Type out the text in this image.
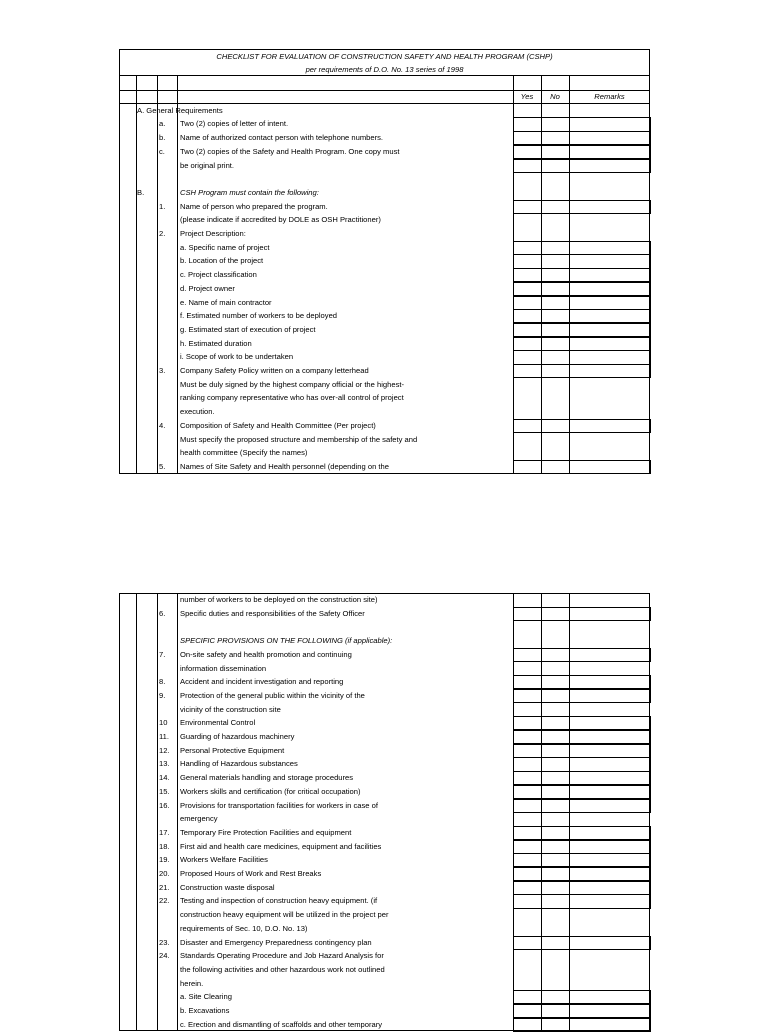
CHECKLIST FOR EVALUATION OF CONSTRUCTION SAFETY AND HEALTH PROGRAM (CSHP)
per requirements of D.O. No. 13 series of 1998
Yes	No	Remarks
A. General Requirements
a. Two (2) copies of letter of intent.
b. Name of authorized contact person with telephone numbers.
c. Two (2) copies of the Safety and Health Program. One copy must
be original print.
B.	CSH Program must contain the following:
1. Name of person who prepared the program.
(please indicate if accredited by DOLE as OSH Practitioner)
2. Project Description:
a. Specific name of project
b. Location of the project
c. Project classification
d. Project owner
e. Name of main contractor
f. Estimated number of workers to be deployed
g. Estimated start of execution of project
h. Estimated duration
i. Scope of work to be undertaken
3. Company Safety Policy written on a company letterhead
Must be duly signed by the highest company official or the highest-
ranking company representative who has over-all control of project
execution.
4. Composition of Safety and Health Committee (Per project)
Must specify the proposed structure and membership of the safety and
health committee (Specify the names)
5. Names of Site Safety and Health personnel (depending on the
number of workers to be deployed on the construction site)
6. Specific duties and responsibilities of the Safety Officer
SPECIFIC PROVISIONS ON THE FOLLOWING (if applicable):
7. On-site safety and health promotion and continuing
information dissemination
8. Accident and incident investigation and reporting
9. Protection of the general public within the vicinity of the
vicinity of the construction site
10 Environmental Control
11. Guarding of hazardous machinery
12. Personal Protective Equipment
13. Handling of Hazardous substances
14. General materials handling and storage procedures
15. Workers skills and certification (for critical occupation)
16. Provisions for transportation facilities for workers in case of
emergency
17. Temporary Fire Protection Facilities and equipment
18. First aid and health care medicines, equipment and facilities
19. Workers Welfare Facilities
20. Proposed Hours of Work and Rest Breaks
21. Construction waste disposal
22. Testing and inspection of construction heavy equipment. (if
construction heavy equipment will be utilized in the project per
requirements of Sec. 10, D.O. No. 13)
23. Disaster and Emergency Preparedness contingency plan
24. Standards Operating Procedure and Job Hazard Analysis for
the following activities and other hazardous work not outlined
herein.
a. Site Clearing
b. Excavations
c. Erection and dismantling of scaffolds and other temporary
